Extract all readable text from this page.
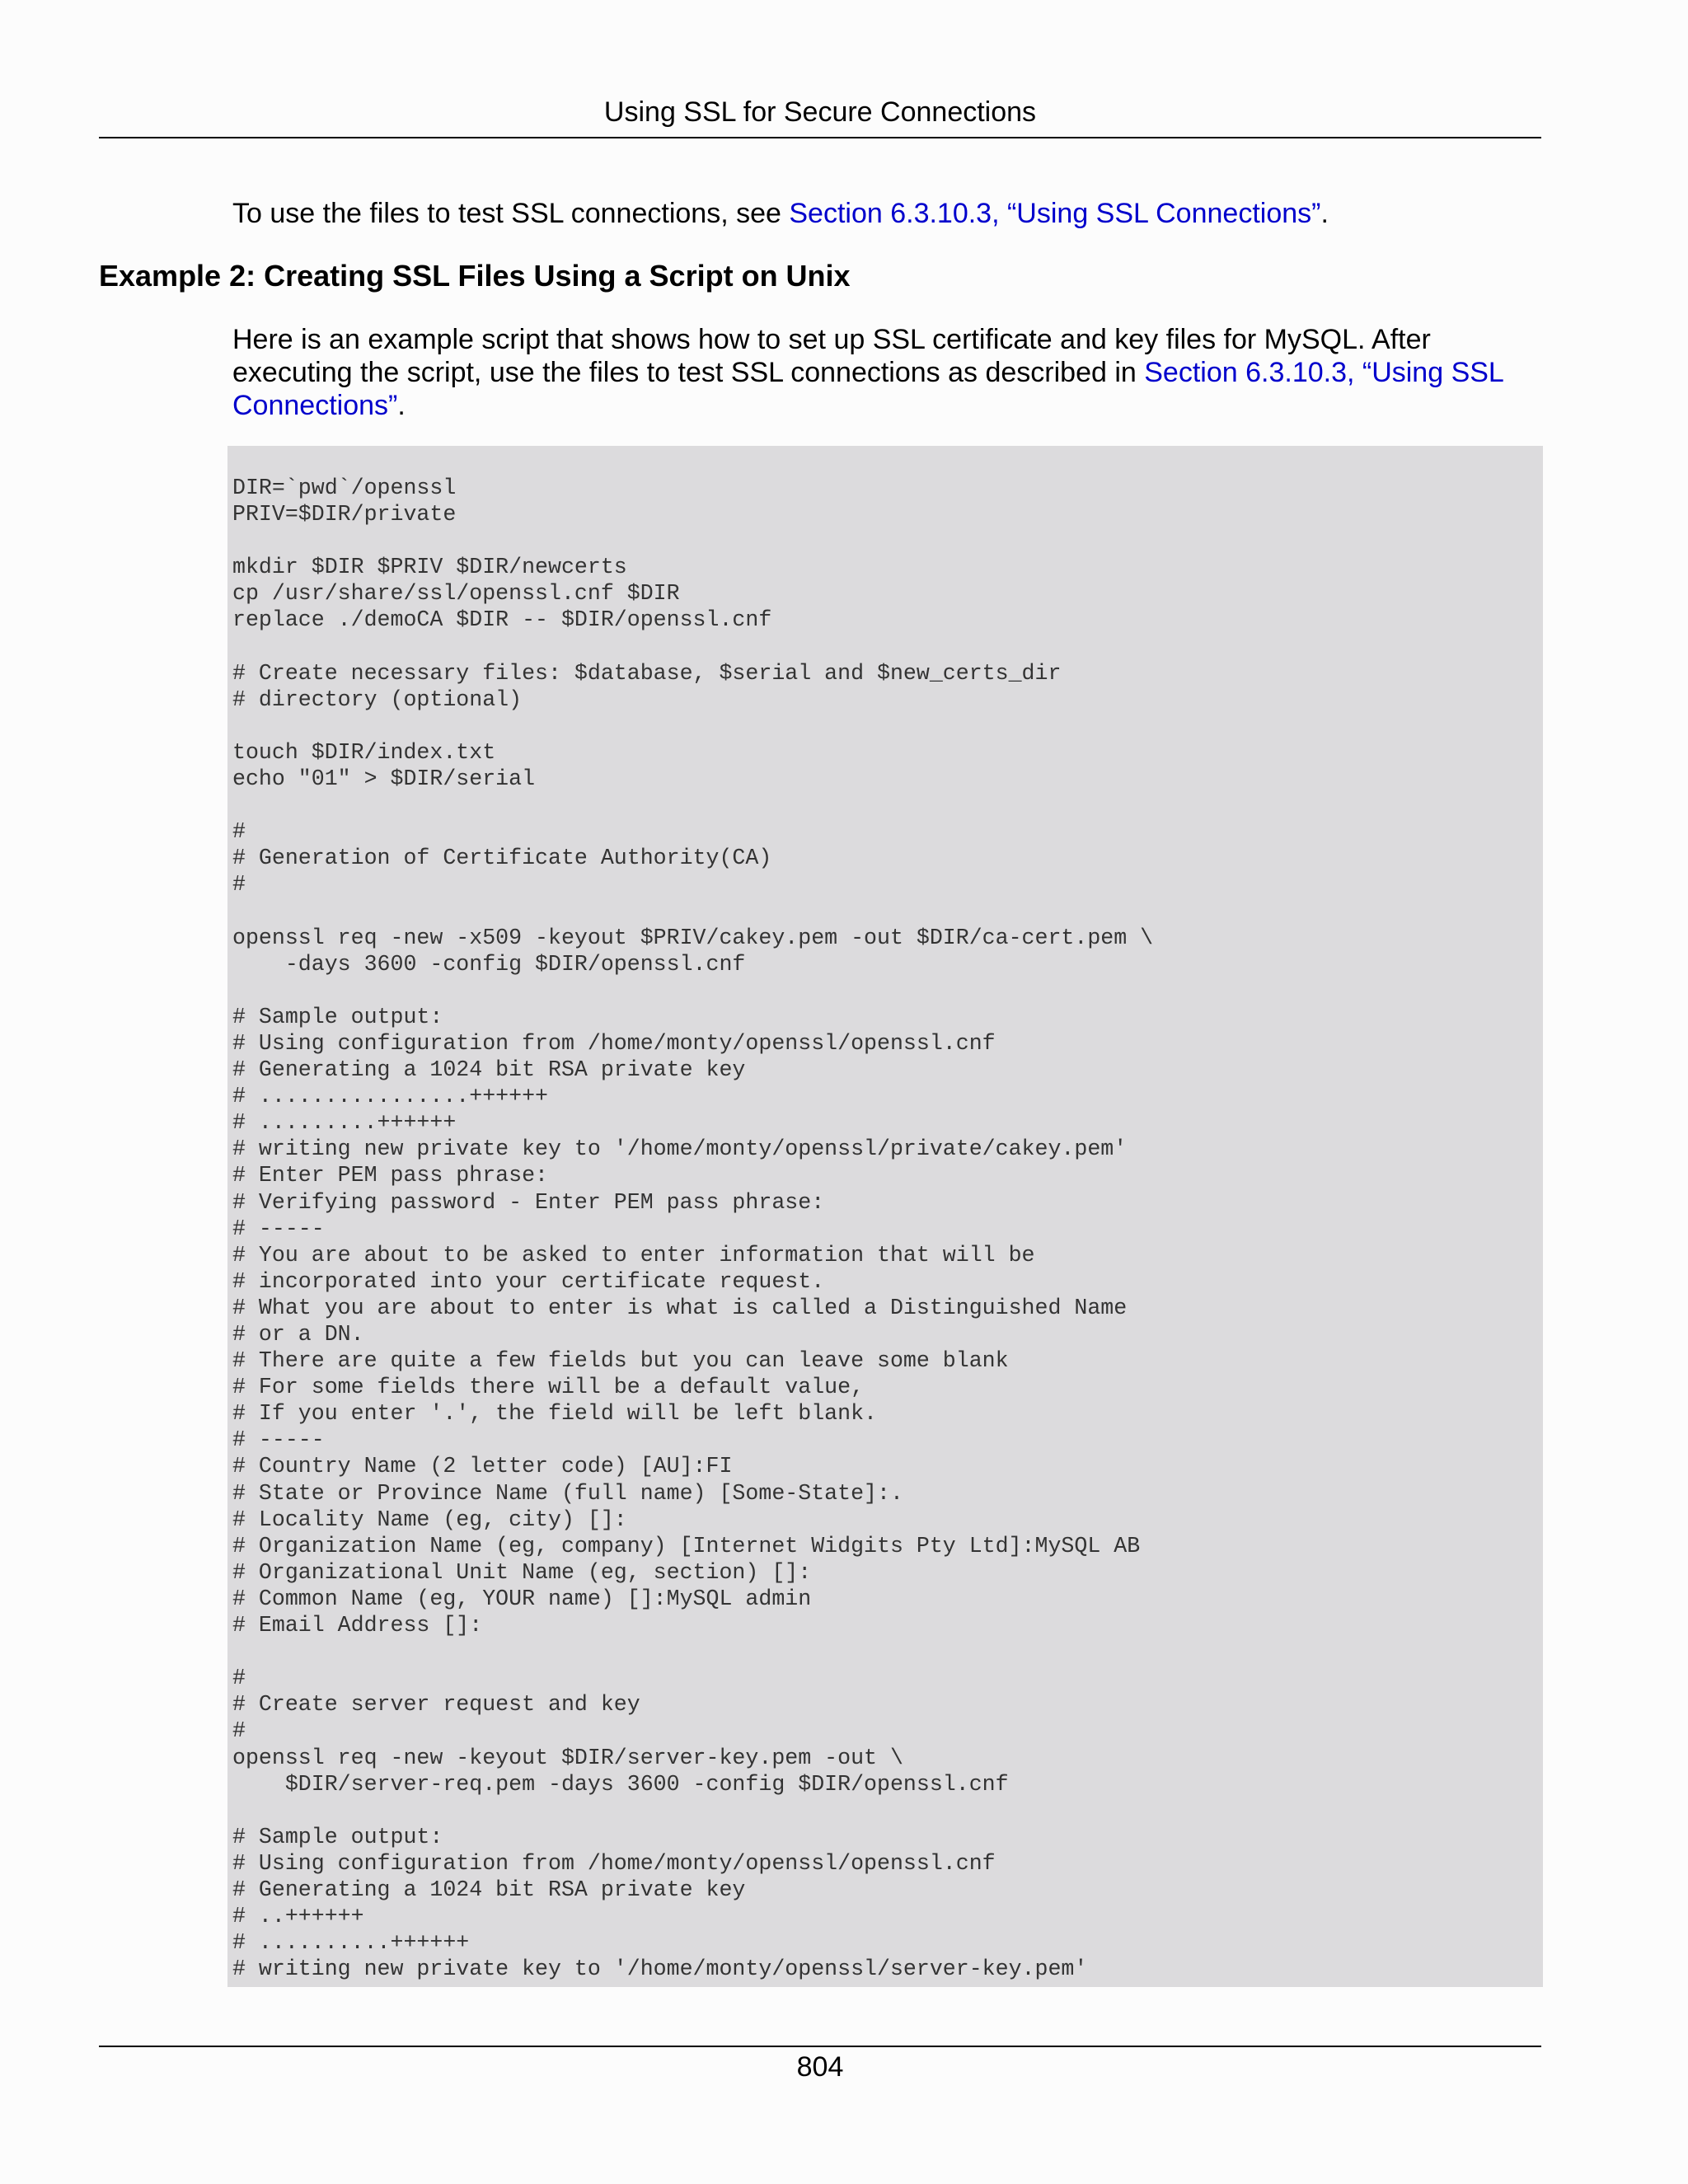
Using SSL for Secure Connections

To use the files to test SSL connections, see Section 6.3.10.3, “Using SSL Connections”.

Example 2: Creating SSL Files Using a Script on Unix

Here is an example script that shows how to set up SSL certificate and key files for MySQL. After executing the script, use the files to test SSL connections as described in Section 6.3.10.3, “Using SSL Connections”.

DIR=`pwd`/openssl
PRIV=$DIR/private

mkdir $DIR $PRIV $DIR/newcerts
cp /usr/share/ssl/openssl.cnf $DIR
replace ./demoCA $DIR -- $DIR/openssl.cnf

# Create necessary files: $database, $serial and $new_certs_dir
# directory (optional)

touch $DIR/index.txt
echo "01" > $DIR/serial

#
# Generation of Certificate Authority(CA)
#

openssl req -new -x509 -keyout $PRIV/cakey.pem -out $DIR/ca-cert.pem \
-days 3600 -config $DIR/openssl.cnf

# Sample output:
# Using configuration from /home/monty/openssl/openssl.cnf
# Generating a 1024 bit RSA private key
# ................++++++
# .........++++++
# writing new private key to '/home/monty/openssl/private/cakey.pem'
# Enter PEM pass phrase:
# Verifying password - Enter PEM pass phrase:
# -----
# You are about to be asked to enter information that will be
# incorporated into your certificate request.
# What you are about to enter is what is called a Distinguished Name
# or a DN.
# There are quite a few fields but you can leave some blank
# For some fields there will be a default value,
# If you enter '.', the field will be left blank.
# -----
# Country Name (2 letter code) [AU]:FI
# State or Province Name (full name) [Some-State]:.
# Locality Name (eg, city) []:
# Organization Name (eg, company) [Internet Widgits Pty Ltd]:MySQL AB
# Organizational Unit Name (eg, section) []:
# Common Name (eg, YOUR name) []:MySQL admin
# Email Address []:

#
# Create server request and key
#
openssl req -new -keyout $DIR/server-key.pem -out \
$DIR/server-req.pem -days 3600 -config $DIR/openssl.cnf

# Sample output:
# Using configuration from /home/monty/openssl/openssl.cnf
# Generating a 1024 bit RSA private key
# ..++++++
# ..........++++++
# writing new private key to '/home/monty/openssl/server-key.pem'
804
